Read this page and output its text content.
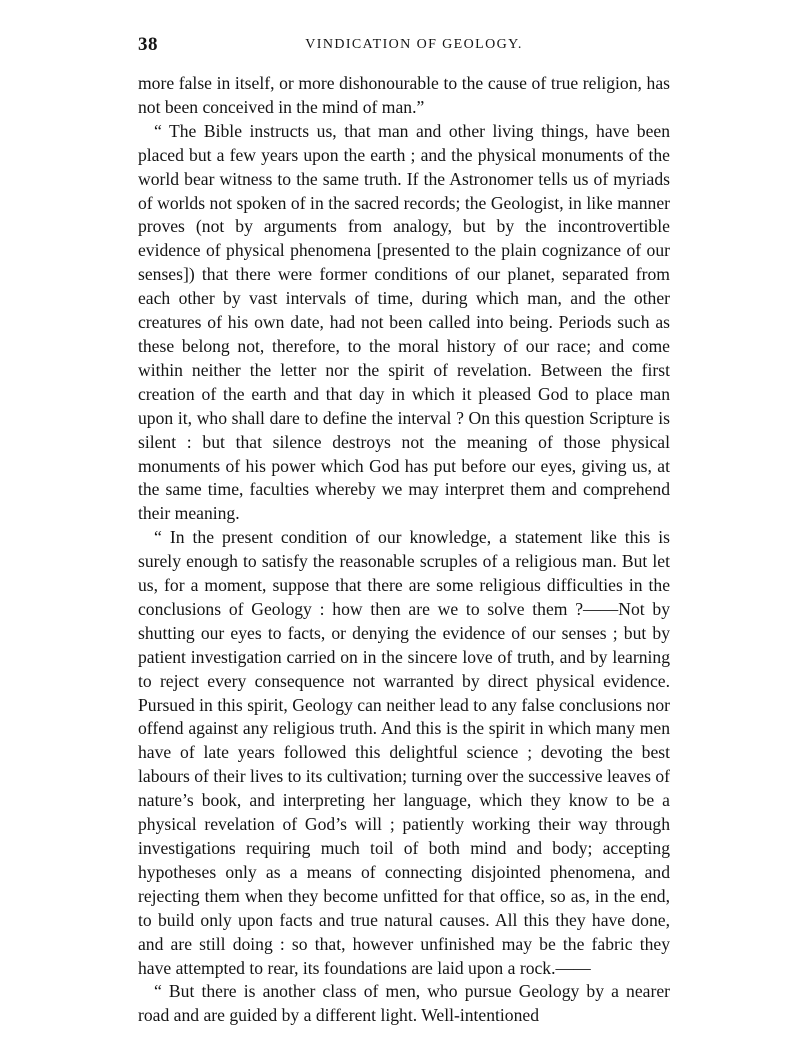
38	VINDICATION OF GEOLOGY.

more false in itself, or more dishonourable to the cause of true religion, has not been conceived in the mind of man.”

“ The Bible instructs us, that man and other living things, have been placed but a few years upon the earth ; and the physical monuments of the world bear witness to the same truth. If the Astronomer tells us of myriads of worlds not spoken of in the sacred records; the Geologist, in like manner proves (not by arguments from analogy, but by the incontrovertible evidence of physical phenomena [presented to the plain cognizance of our senses]) that there were former conditions of our planet, separated from each other by vast intervals of time, during which man, and the other creatures of his own date, had not been called into being. Periods such as these belong not, therefore, to the moral history of our race; and come within neither the letter nor the spirit of revelation. Between the first creation of the earth and that day in which it pleased God to place man upon it, who shall dare to define the interval ? On this question Scripture is silent : but that silence destroys not the meaning of those physical monuments of his power which God has put before our eyes, giving us, at the same time, faculties whereby we may interpret them and comprehend their meaning.

“ In the present condition of our knowledge, a statement like this is surely enough to satisfy the reasonable scruples of a religious man. But let us, for a moment, suppose that there are some religious difficulties in the conclusions of Geology : how then are we to solve them ?——Not by shutting our eyes to facts, or denying the evidence of our senses ; but by patient investigation carried on in the sincere love of truth, and by learning to reject every consequence not warranted by direct physical evidence. Pursued in this spirit, Geology can neither lead to any false conclusions nor offend against any religious truth. And this is the spirit in which many men have of late years followed this delightful science ; devoting the best labours of their lives to its cultivation; turning over the successive leaves of nature’s book, and interpreting her language, which they know to be a physical revelation of God’s will ; patiently working their way through investigations requiring much toil of both mind and body; accepting hypotheses only as a means of connecting disjointed phenomena, and rejecting them when they become unfitted for that office, so as, in the end, to build only upon facts and true natural causes. All this they have done, and are still doing : so that, however unfinished may be the fabric they have attempted to rear, its foundations are laid upon a rock.——

“ But there is another class of men, who pursue Geology by a nearer road and are guided by a different light. Well-intentioned
